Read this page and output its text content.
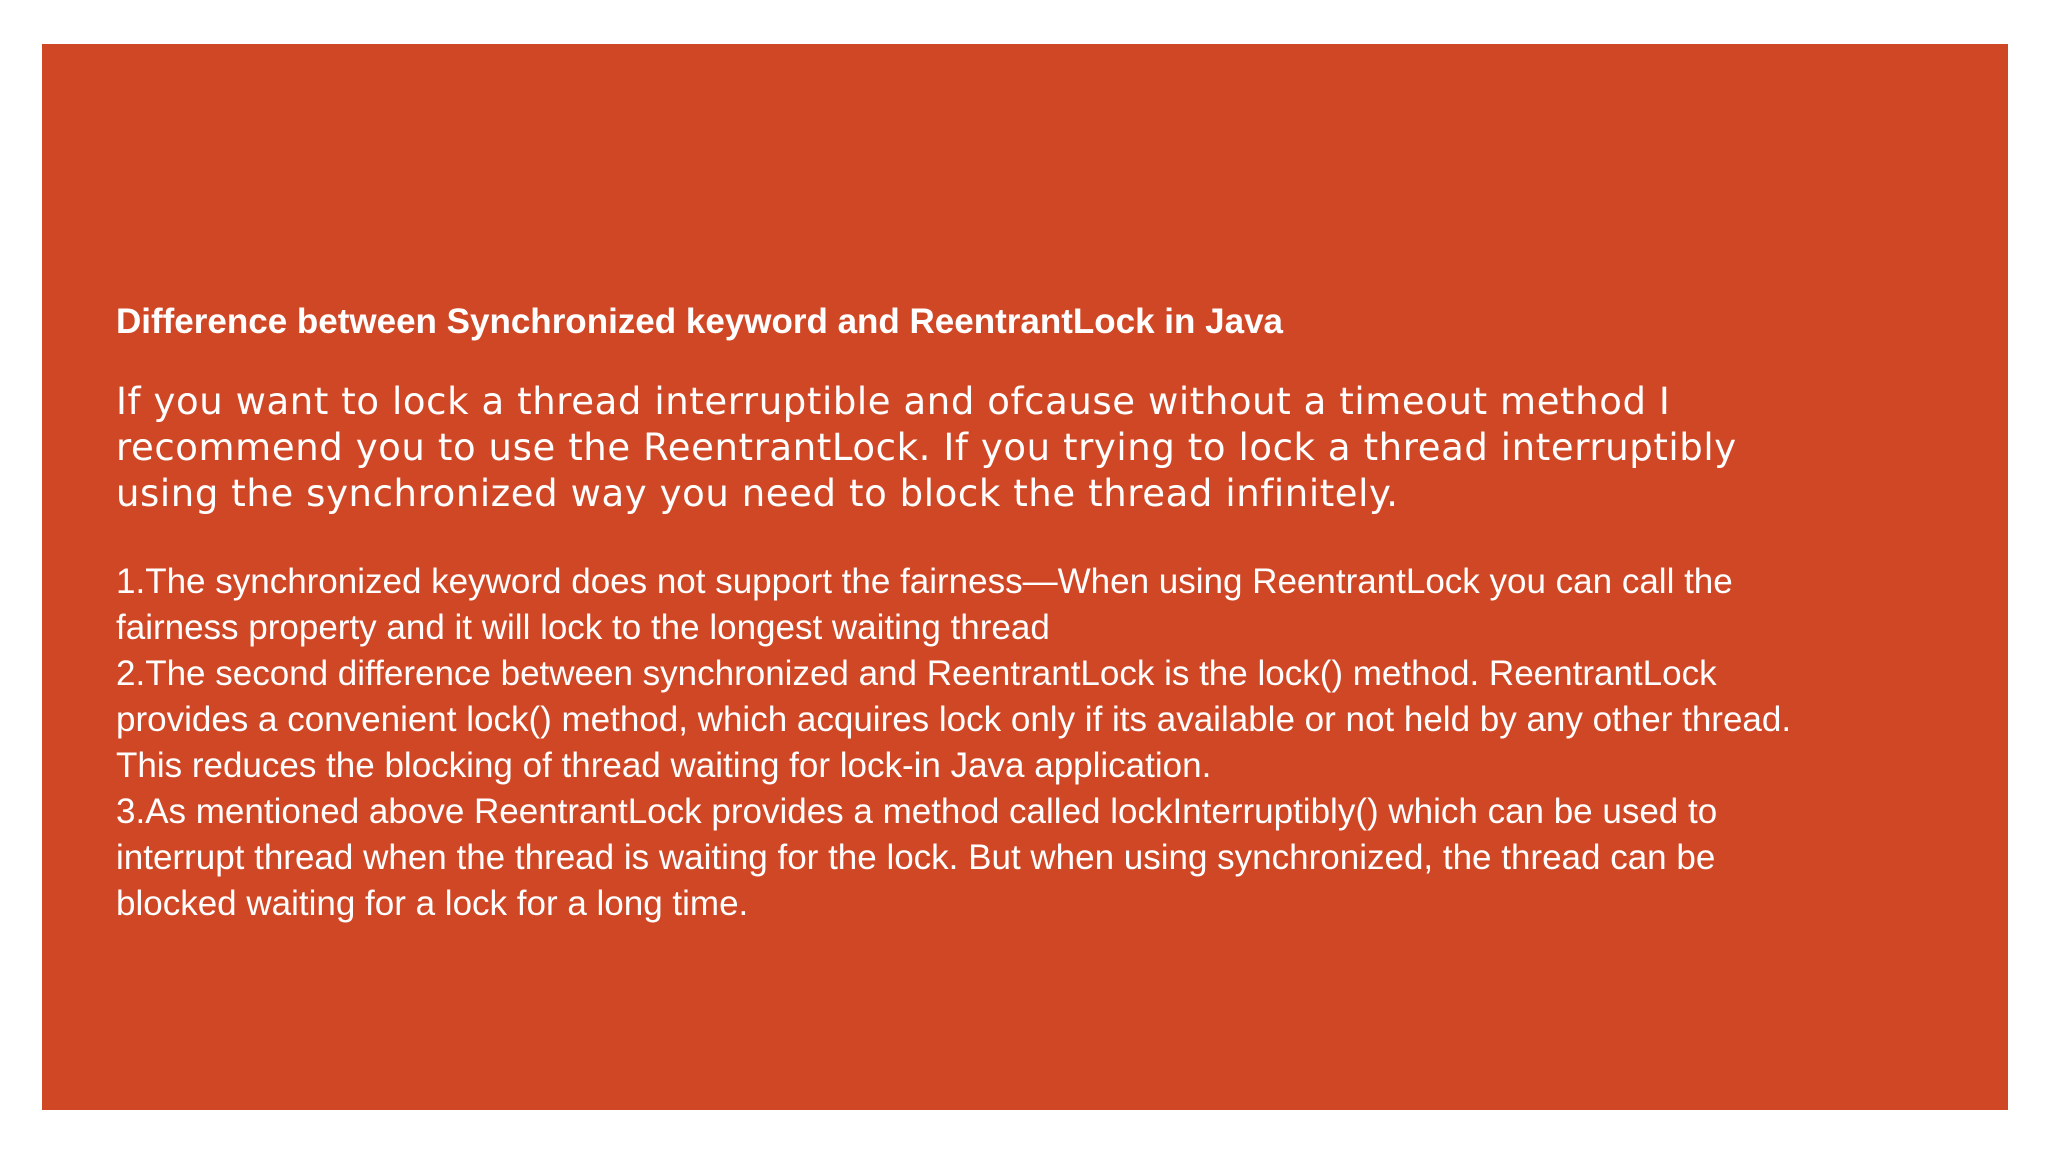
Difference between Synchronized keyword and ReentrantLock in Java
If you want to lock a thread interruptible and ofcause without a timeout method I recommend you to use the ReentrantLock. If you trying to lock a thread interruptibly using the synchronized way you need to block the thread infinitely.

1.The synchronized keyword does not support the fairness—When using ReentrantLock you can call the fairness property and it will lock to the longest waiting thread

2.The second difference between synchronized and ReentrantLock is the lock() method. ReentrantLock provides a convenient lock() method, which acquires lock only if its available or not held by any other thread. This reduces the blocking of thread waiting for lock-in Java application.

3.As mentioned above ReentrantLock provides a method called lockInterruptibly() which can be used to interrupt thread when the thread is waiting for the lock. But when using synchronized, the thread can be blocked waiting for a lock for a long time.
